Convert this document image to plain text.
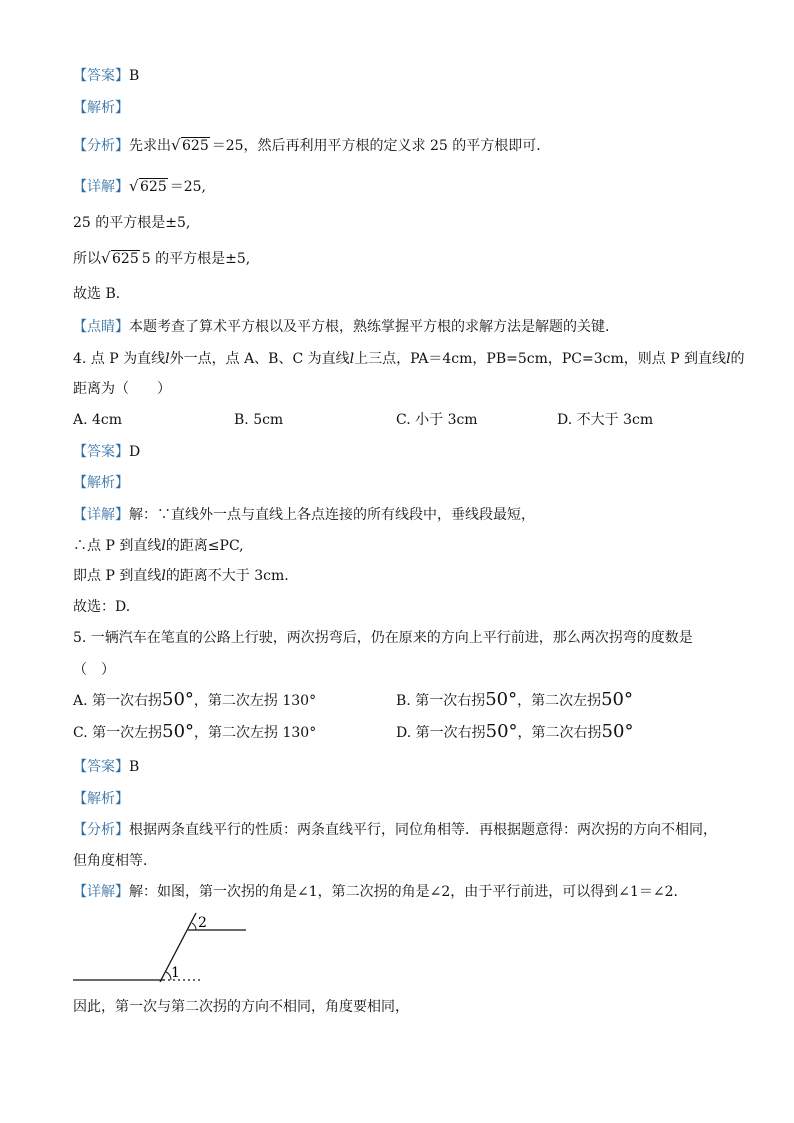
【答案】B
【解析】
【分析】先求出 √ 625 ＝25，然后再利用平方根的定义求 25 的平方根即可.
【详解】 √ 625 ＝25,
25 的平方根是±5,
所以 √ 625 5 的平方根是±5,
故选 B.
【点睛】本题考查了算术平方根以及平方根，熟练掌握平方根的求解方法是解题的关键.
4. 点 P 为直线l外一点，点 A、B、C 为直线l上三点，PA＝4cm，PB=5cm，PC=3cm，则点 P 到直线l的
距离为（　　）
A. 4cm	B. 5cm	C. 小于 3cm	D. 不大于 3cm
【答案】D
【解析】
【详解】解：∵直线外一点与直线上各点连接的所有线段中，垂线段最短，
∴点 P 到直线l的距离≤PC,
即点 P 到直线l的距离不大于 3cm.
故选：D.
5. 一辆汽车在笔直的公路上行驶，两次拐弯后，仍在原来的方向上平行前进，那么两次拐弯的度数是
（　）
A. 第一次右拐50°，第二次左拐 130°	B. 第一次右拐50°，第二次左拐50°
C. 第一次左拐50°，第二次左拐 130°	D. 第一次右拐50°，第二次右拐50°
【答案】B
【解析】
【分析】根据两条直线平行的性质：两条直线平行，同位角相等．再根据题意得：两次拐的方向不相同，
但角度相等．
【详解】解：如图，第一次拐的角是∠1，第二次拐的角是∠2，由于平行前进，可以得到∠1＝∠2．
1
2
因此，第一次与第二次拐的方向不相同，角度要相同，
